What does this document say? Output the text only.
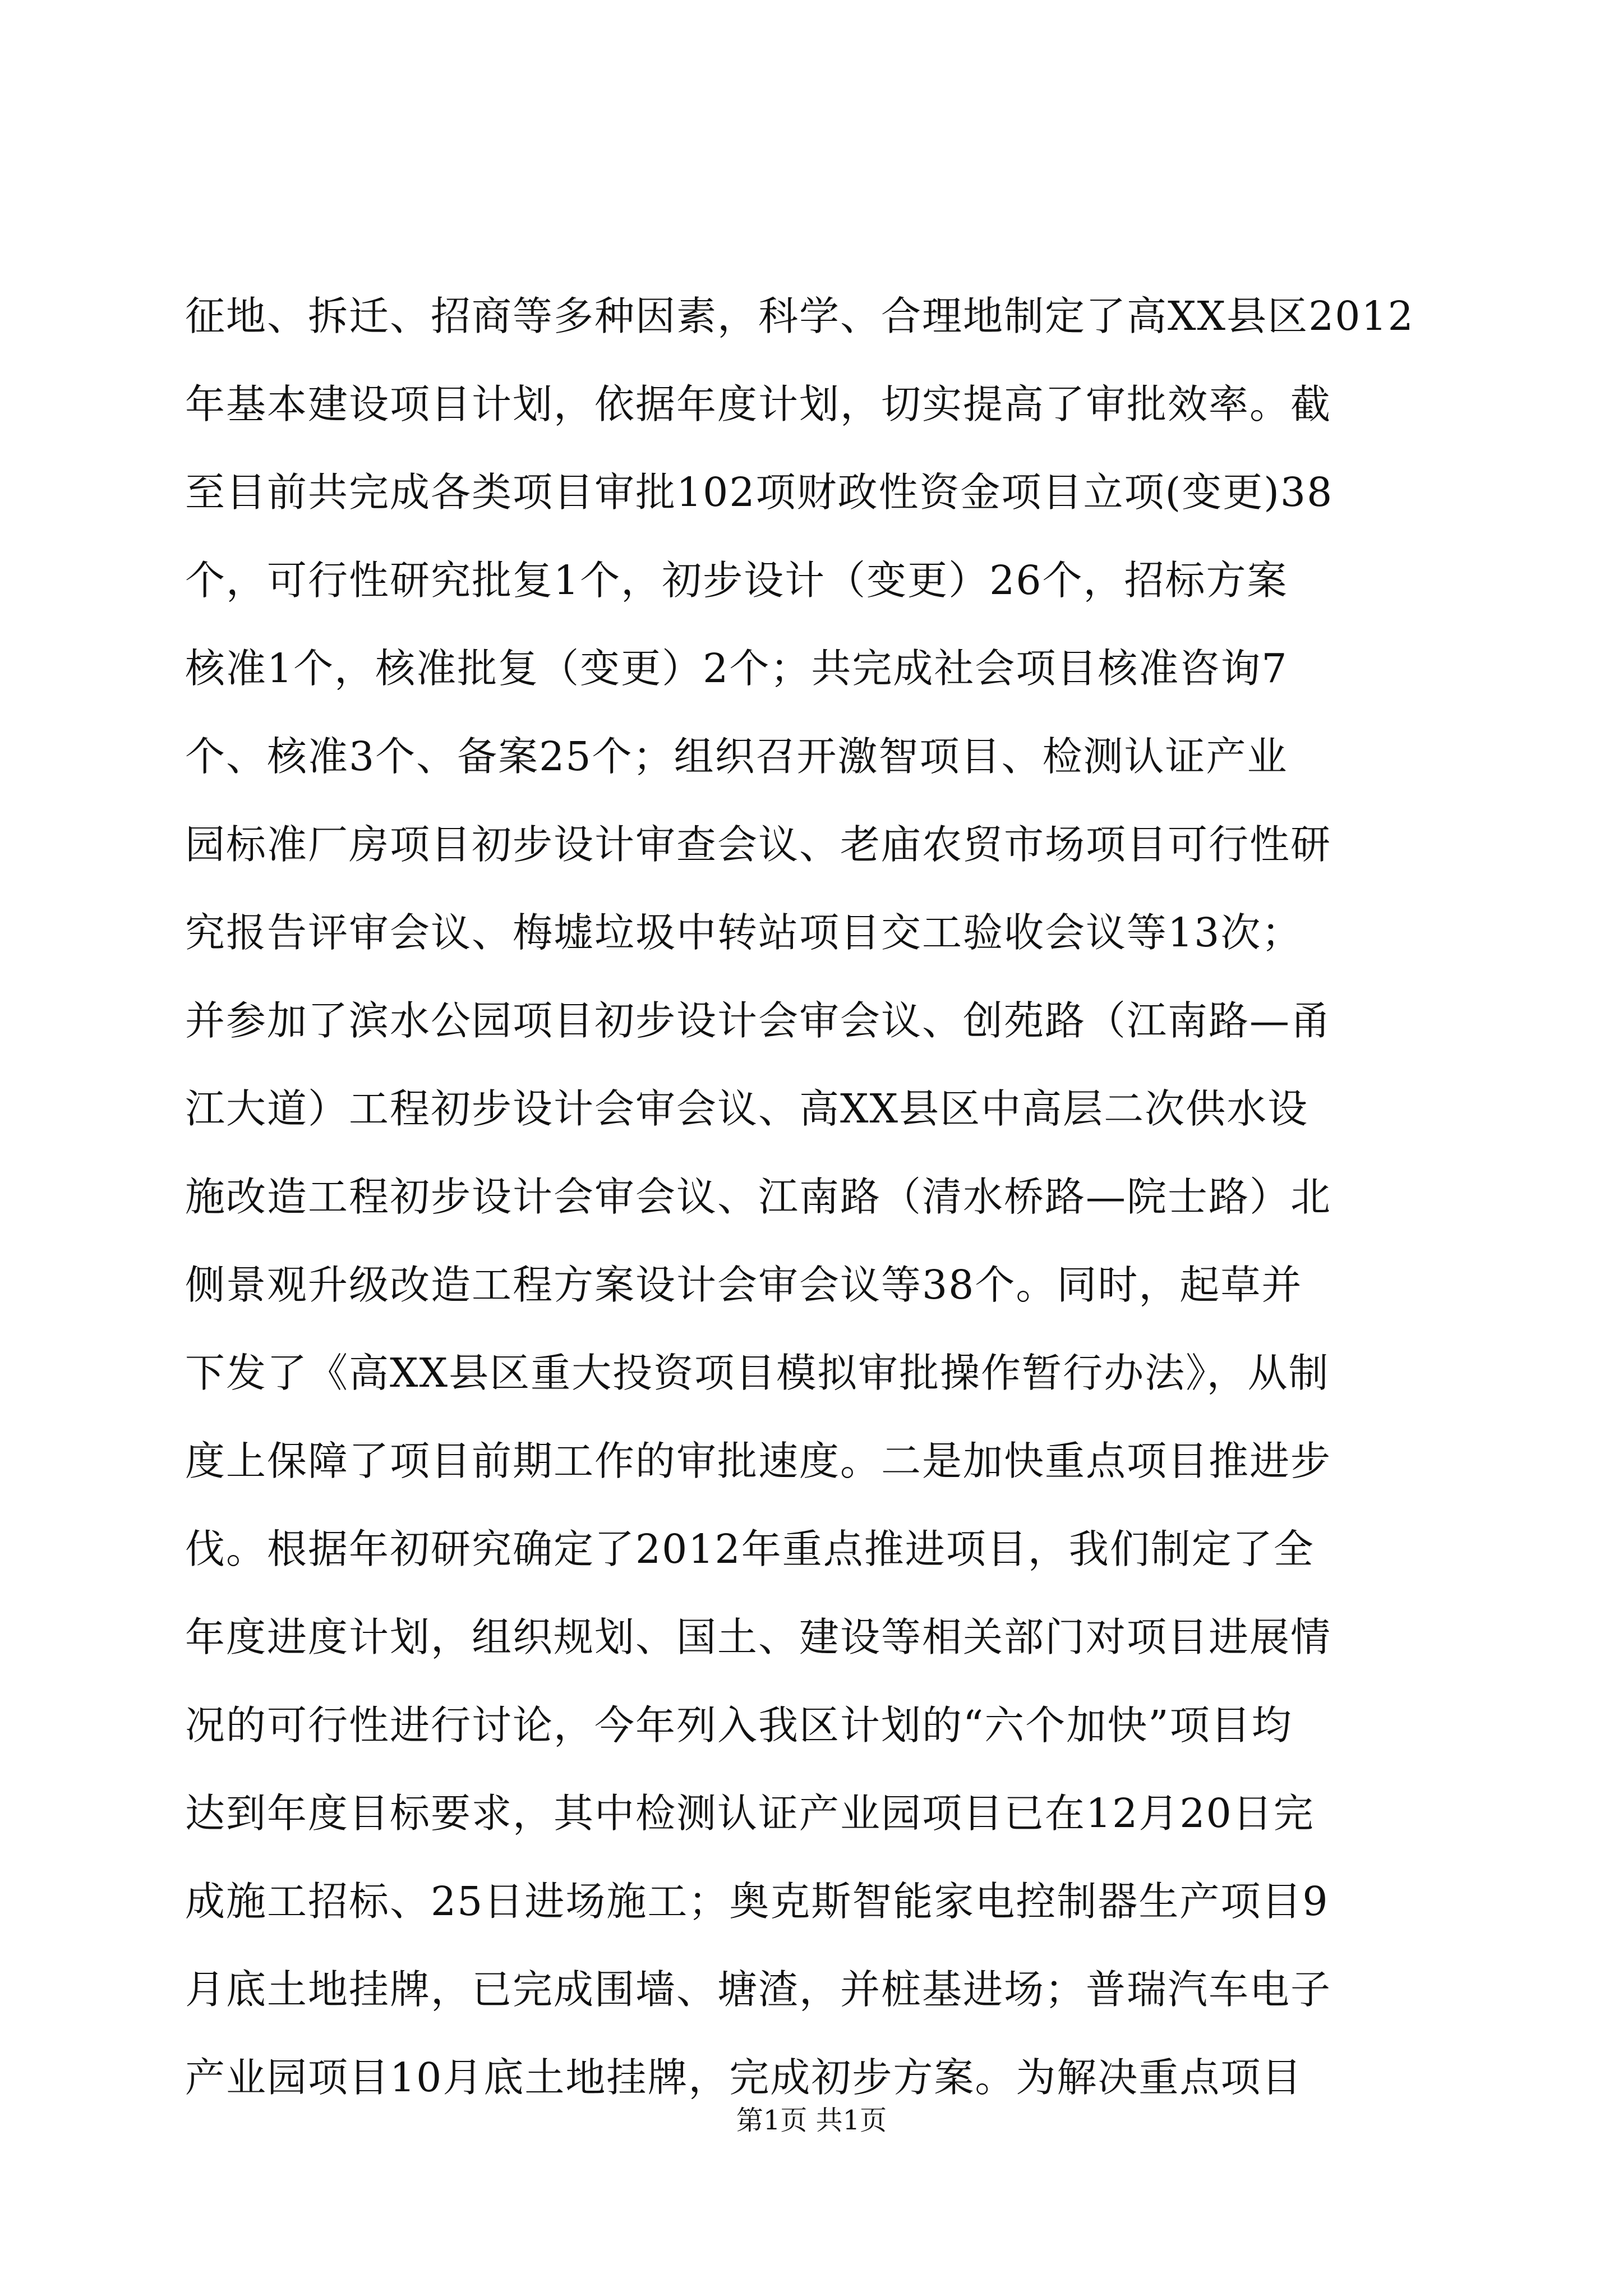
征地、拆迁、招商等多种因素，科学、合理地制定了高XX县区2012
年基本建设项目计划，依据年度计划，切实提高了审批效率。截
至目前共完成各类项目审批102项财政性资金项目立项(变更)38
个，可行性研究批复1个，初步设计（变更）26个，招标方案
核准1个，核准批复（变更）2个；共完成社会项目核准咨询7
个、核准3个、备案25个；组织召开激智项目、检测认证产业
园标准厂房项目初步设计审查会议、老庙农贸市场项目可行性研
究报告评审会议、梅墟垃圾中转站项目交工验收会议等13次；
并参加了滨水公园项目初步设计会审会议、创苑路（江南路—甬
江大道）工程初步设计会审会议、高XX县区中高层二次供水设
施改造工程初步设计会审会议、江南路（清水桥路—院士路）北
侧景观升级改造工程方案设计会审会议等38个。同时，起草并
下发了《高XX县区重大投资项目模拟审批操作暂行办法》，从制
度上保障了项目前期工作的审批速度。二是加快重点项目推进步
伐。根据年初研究确定了2012年重点推进项目，我们制定了全
年度进度计划，组织规划、国土、建设等相关部门对项目进展情
况的可行性进行讨论，今年列入我区计划的“六个加快”项目均
达到年度目标要求，其中检测认证产业园项目已在12月20日完
成施工招标、25日进场施工；奥克斯智能家电控制器生产项目9
月底土地挂牌，已完成围墙、塘渣，并桩基进场；普瑞汽车电子
产业园项目10月底土地挂牌，完成初步方案。为解决重点项目
第1页 共1页
